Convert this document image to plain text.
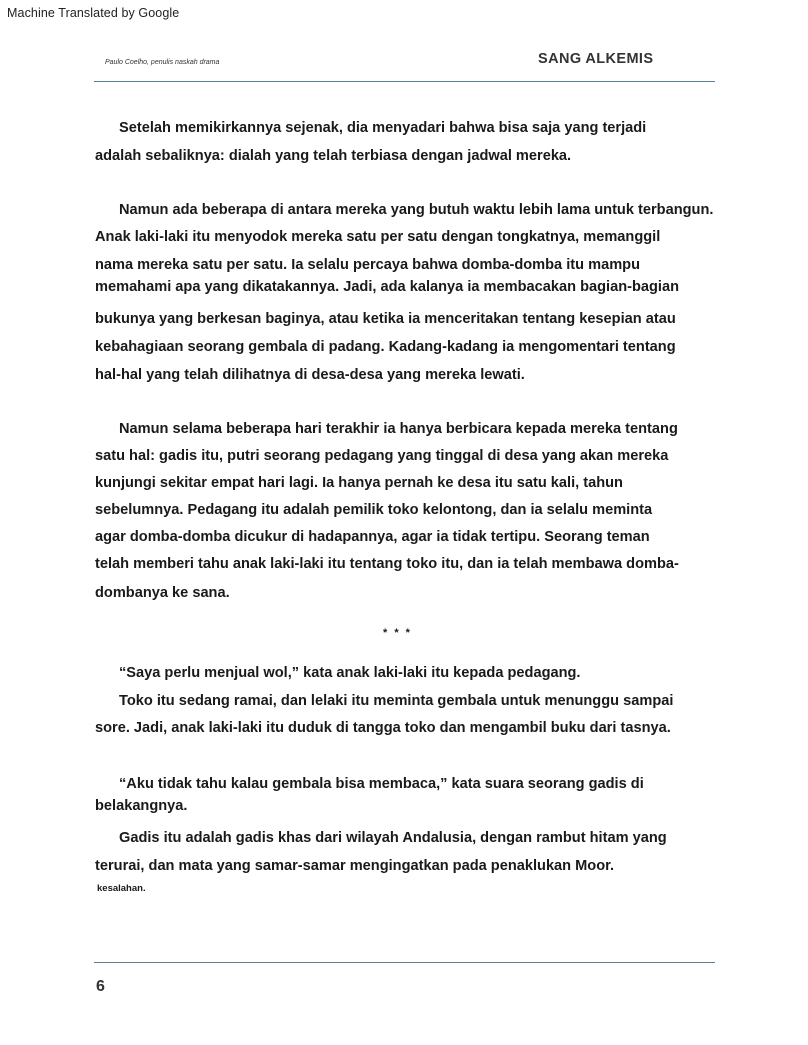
Machine Translated by Google
Paulo Coelho, penulis naskah drama	SANG ALKEMIS
Setelah memikirkannya sejenak, dia menyadari bahwa bisa saja yang terjadi
adalah sebaliknya: dialah yang telah terbiasa dengan jadwal mereka.
Namun ada beberapa di antara mereka yang butuh waktu lebih lama untuk terbangun.
Anak laki-laki itu menyodok mereka satu per satu dengan tongkatnya, memanggil
nama mereka satu per satu. Ia selalu percaya bahwa domba-domba itu mampu
memahami apa yang dikatakannya. Jadi, ada kalanya ia membacakan bagian-bagian
bukunya yang berkesan baginya, atau ketika ia menceritakan tentang kesepian atau
kebahagiaan seorang gembala di padang. Kadang-kadang ia mengomentari tentang
hal-hal yang telah dilihatnya di desa-desa yang mereka lewati.
Namun selama beberapa hari terakhir ia hanya berbicara kepada mereka tentang
satu hal: gadis itu, putri seorang pedagang yang tinggal di desa yang akan mereka
kunjungi sekitar empat hari lagi. Ia hanya pernah ke desa itu satu kali, tahun
sebelumnya. Pedagang itu adalah pemilik toko kelontong, dan ia selalu meminta
agar domba-domba dicukur di hadapannya, agar ia tidak tertipu. Seorang teman
telah memberi tahu anak laki-laki itu tentang toko itu, dan ia telah membawa domba-
dombanya ke sana.
“Saya perlu menjual wol,” kata anak laki-laki itu kepada pedagang.
Toko itu sedang ramai, dan lelaki itu meminta gembala untuk menunggu sampai
sore. Jadi, anak laki-laki itu duduk di tangga toko dan mengambil buku dari tasnya.
“Aku tidak tahu kalau gembala bisa membaca,” kata suara seorang gadis di
belakangnya.
Gadis itu adalah gadis khas dari wilayah Andalusia, dengan rambut hitam yang
terurai, dan mata yang samar-samar mengingatkan pada penaklukan Moor.
* * *
kesalahan.
6
